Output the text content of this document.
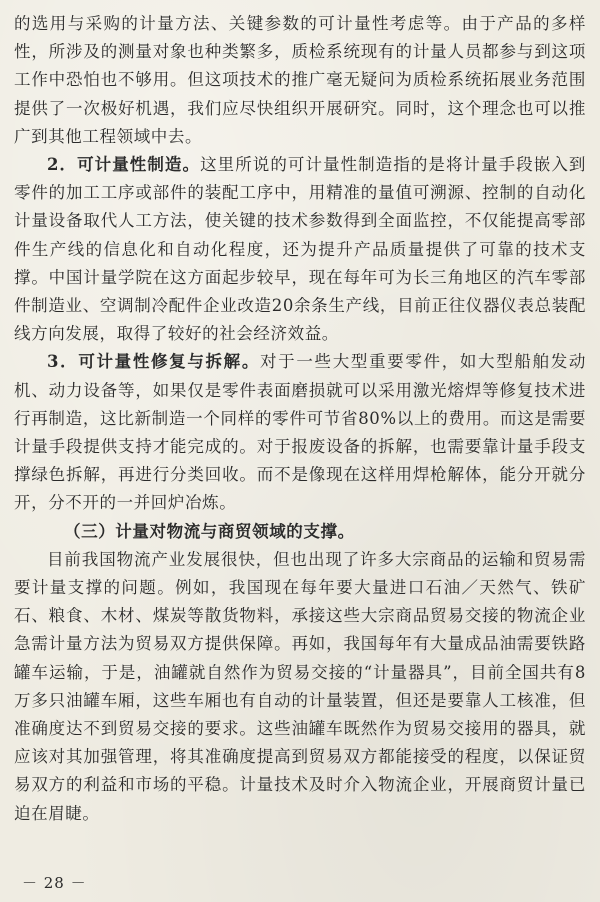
的选用与采购的计量方法、关键参数的可计量性考虑等。由于产品的多样性，所涉及的测量对象也种类繁多，质检系统现有的计量人员都参与到这项工作中恐怕也不够用。但这项技术的推广毫无疑问为质检系统拓展业务范围提供了一次极好机遇，我们应尽快组织开展研究。同时，这个理念也可以推广到其他工程领域中去。

2．可计量性制造。这里所说的可计量性制造指的是将计量手段嵌入到零件的加工工序或部件的装配工序中，用精准的量值可溯源、控制的自动化计量设备取代人工方法，使关键的技术参数得到全面监控，不仅能提高零部件生产线的信息化和自动化程度，还为提升产品质量提供了可靠的技术支撑。中国计量学院在这方面起步较早，现在每年可为长三角地区的汽车零部件制造业、空调制冷配件企业改造20余条生产线，目前正往仪器仪表总装配线方向发展，取得了较好的社会经济效益。

3．可计量性修复与拆解。对于一些大型重要零件，如大型船舶发动机、动力设备等，如果仅是零件表面磨损就可以采用激光熔焊等修复技术进行再制造，这比新制造一个同样的零件可节省80%以上的费用。而这是需要计量手段提供支持才能完成的。对于报废设备的拆解，也需要靠计量手段支撑绿色拆解，再进行分类回收。而不是像现在这样用焊枪解体，能分开就分开，分不开的一并回炉冶炼。

（三）计量对物流与商贸领域的支撑。

目前我国物流产业发展很快，但也出现了许多大宗商品的运输和贸易需要计量支撑的问题。例如，我国现在每年要大量进口石油／天然气、铁矿石、粮食、木材、煤炭等散货物料，承接这些大宗商品贸易交接的物流企业急需计量方法为贸易双方提供保障。再如，我国每年有大量成品油需要铁路罐车运输，于是，油罐就自然作为贸易交接的“计量器具”，目前全国共有8万多只油罐车厢，这些车厢也有自动的计量装置，但还是要靠人工核准，但准确度达不到贸易交接的要求。这些油罐车既然作为贸易交接用的器具，就应该对其加强管理，将其准确度提高到贸易双方都能接受的程度，以保证贸易双方的利益和市场的平稳。计量技术及时介入物流企业，开展商贸计量已迫在眉睫。

－ 28 －
